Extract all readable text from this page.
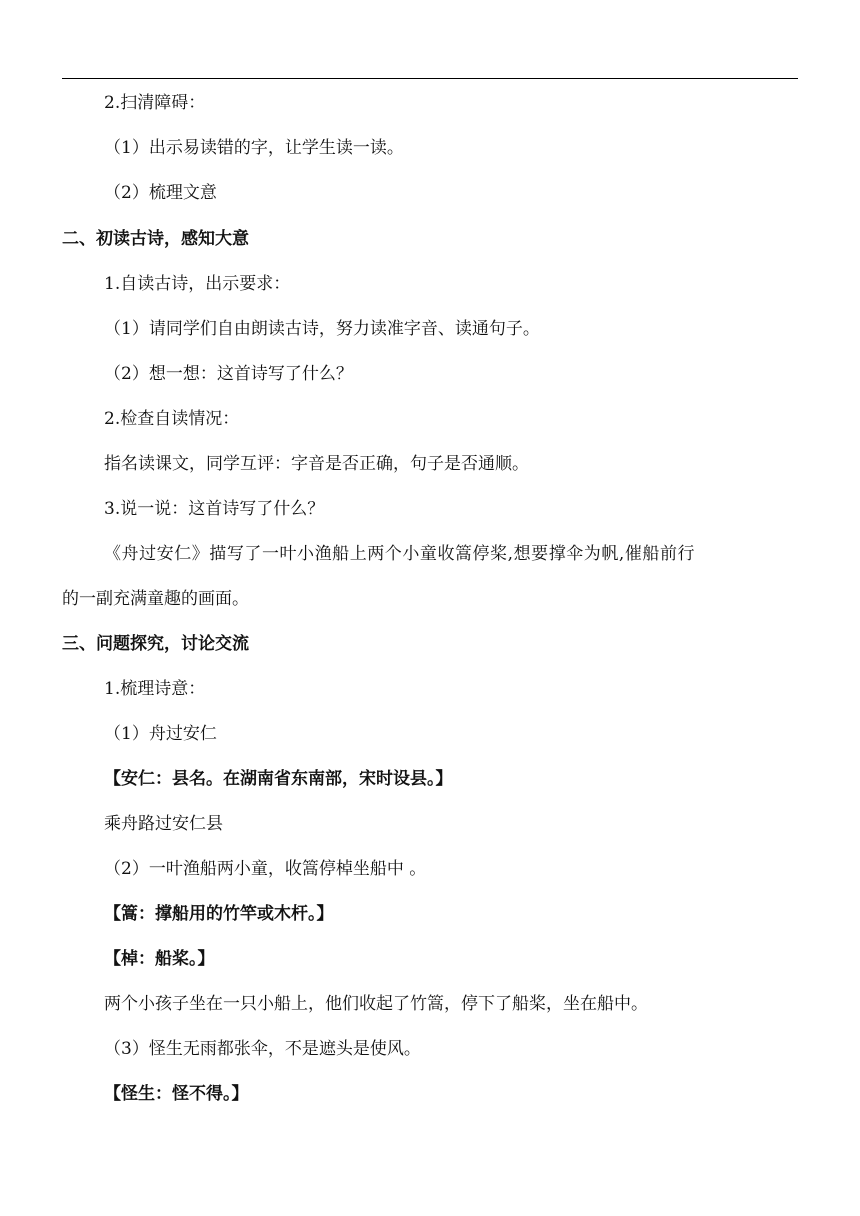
2.扫清障碍：
（1）出示易读错的字，让学生读一读。
（2）梳理文意
二、初读古诗，感知大意
1.自读古诗，出示要求：
（1）请同学们自由朗读古诗，努力读准字音、读通句子。
（2）想一想：这首诗写了什么？
2.检查自读情况：
指名读课文，同学互评：字音是否正确，句子是否通顺。
3.说一说：这首诗写了什么？
《舟过安仁》描写了一叶小渔船上两个小童收篙停桨,想要撑伞为帆,催船前行
的一副充满童趣的画面。
三、问题探究，讨论交流
1.梳理诗意：
（1）舟过安仁
【安仁：县名。在湖南省东南部，宋时设县。】
乘舟路过安仁县
（2）一叶渔船两小童，收篙停棹坐船中 。
【篙：撑船用的竹竿或木杆。】
【棹：船桨。】
两个小孩子坐在一只小船上，他们收起了竹篙，停下了船桨，坐在船中。
（3）怪生无雨都张伞，不是遮头是使风。
【怪生：怪不得。】
